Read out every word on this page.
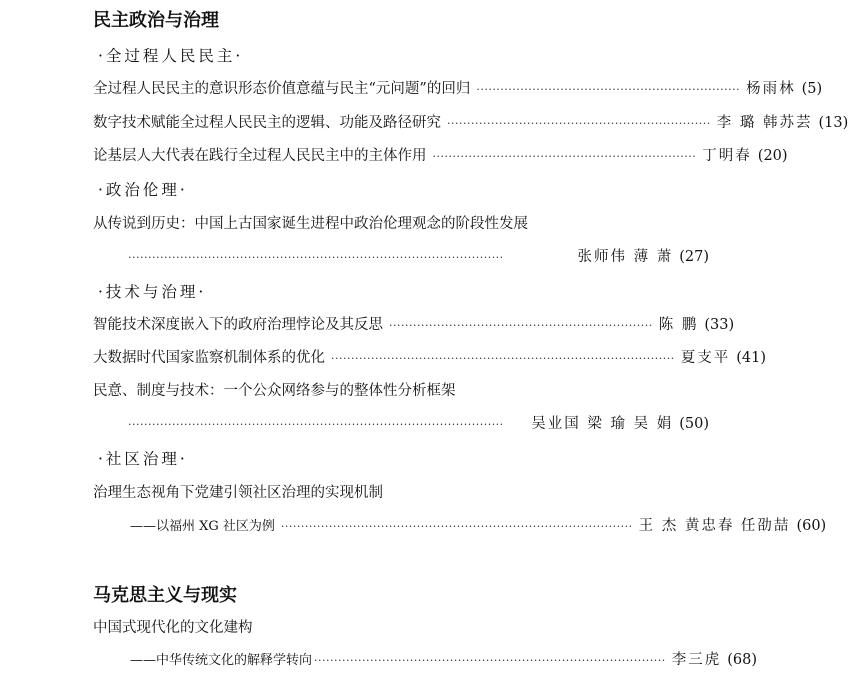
民主政治与治理
·全过程人民民主·
全过程人民民主的意识形态价值意蕴与民主“元问题”的回归 ·································································· 杨雨林 (5)
数字技术赋能全过程人民民主的逻辑、功能及路径研究 ·································································· 李 璐 韩苏芸 (13)
论基层人大代表在践行全过程人民民主中的主体作用 ·································································· 丁明春 (20)
·政治伦理·
从传说到历史：中国上古国家诞生进程中政治伦理观念的阶段性发展
······························································································	张师伟 薄 萧 (27)
·技术与治理·
智能技术深度嵌入下的政府治理悖论及其反思 ·································································· 陈 鹏 (33)
大数据时代国家监察机制体系的优化 ······················································································ 夏支平 (41)
民意、制度与技术：一个公众网络参与的整体性分析框架
······························································································	吴业国 梁 瑜 吴 娟 (50)
·社区治理·
治理生态视角下党建引领社区治理的实现机制
——以福州 XG 社区为例 ························································································ 王 杰 黄忠春 任劭喆 (60)
马克思主义与现实
中国式现代化的文化建构
——中华传统文化的解释学转向 ························································································ 李三虎 (68)
